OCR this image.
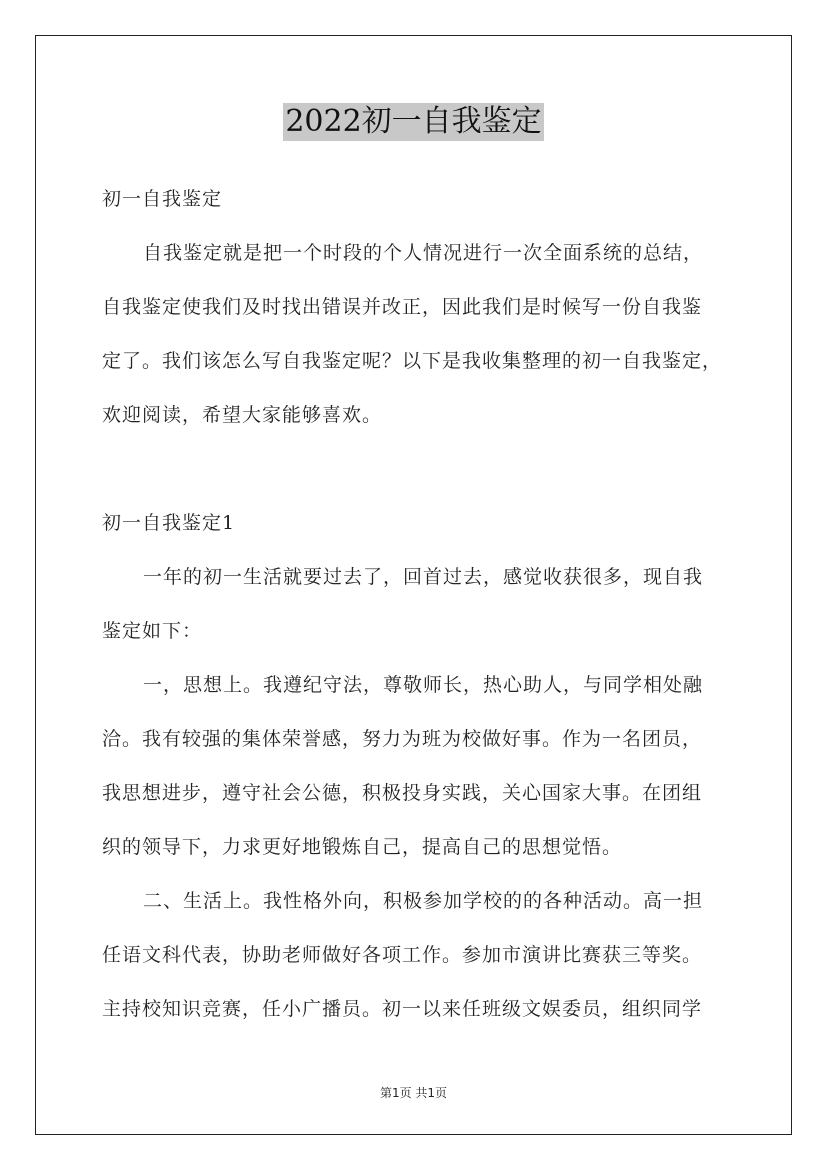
2022初一自我鉴定
初一自我鉴定
自我鉴定就是把一个时段的个人情况进行一次全面系统的总结，
自我鉴定使我们及时找出错误并改正，因此我们是时候写一份自我鉴
定了。我们该怎么写自我鉴定呢？以下是我收集整理的初一自我鉴定，
欢迎阅读，希望大家能够喜欢。
初一自我鉴定1
一年的初一生活就要过去了，回首过去，感觉收获很多，现自我
鉴定如下：
一，思想上。我遵纪守法，尊敬师长，热心助人，与同学相处融
洽。我有较强的集体荣誉感，努力为班为校做好事。作为一名团员，
我思想进步，遵守社会公德，积极投身实践，关心国家大事。在团组
织的领导下，力求更好地锻炼自己，提高自己的思想觉悟。
二、生活上。我性格外向，积极参加学校的的各种活动。高一担
任语文科代表，协助老师做好各项工作。参加市演讲比赛获三等奖。
主持校知识竞赛，任小广播员。初一以来任班级文娱委员，组织同学
第1页 共1页
